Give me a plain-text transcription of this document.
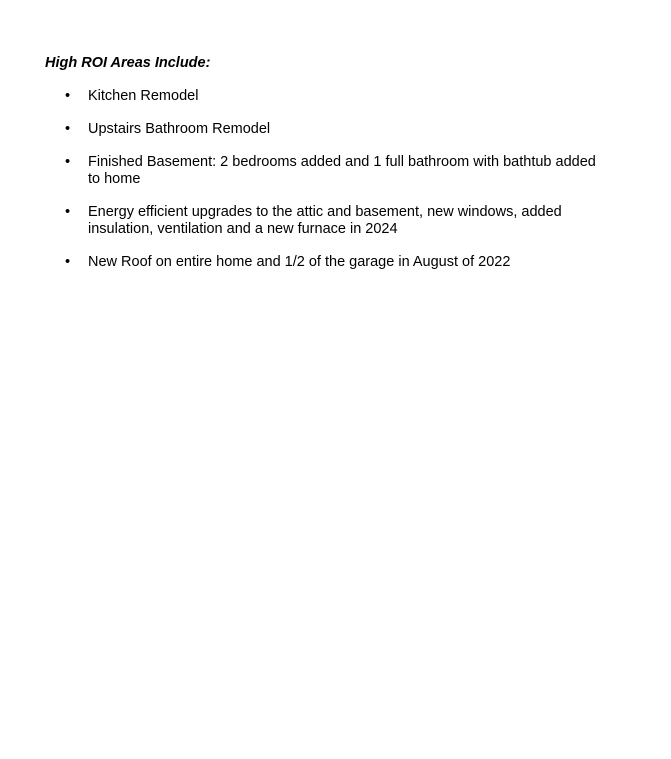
High ROI Areas Include:

• Kitchen Remodel
• Upstairs Bathroom Remodel
• Finished Basement: 2 bedrooms added and 1 full bathroom with bathtub added to home
• Energy efficient upgrades to the attic and basement, new windows, added insulation, ventilation and a new furnace in 2024
• New Roof on entire home and 1/2 of the garage in August of 2022
